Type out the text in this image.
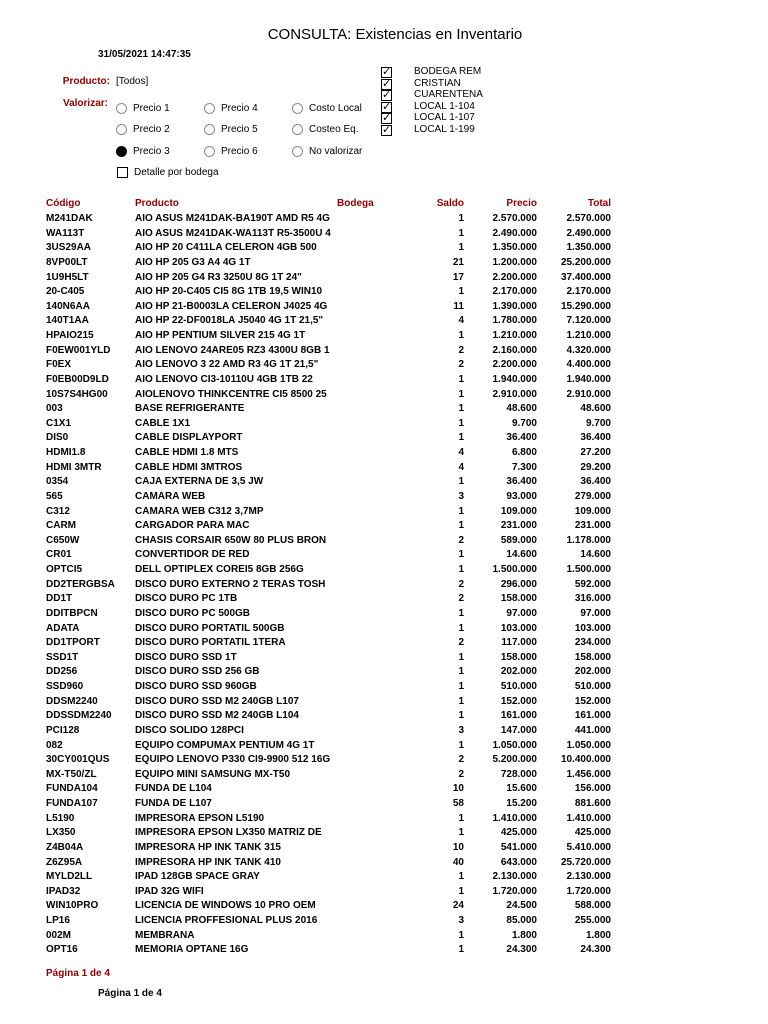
CONSULTA: Existencias en Inventario
31/05/2021 14:47:35
Producto: [Todos]
Valorizar:	Precio 1
Precio 2
Precio 3
Precio 4
Precio 5
Precio 6
Costo Local
Costeo Eq.
No valorizar
Detalle por bodega
✓ BODEGA REM
✓ CRISTIAN
✓ CUARENTENA
✓ LOCAL 1-104
✓ LOCAL 1-107
✓ LOCAL 1-199
Código	Producto	Bodega	Saldo	Precio	Total
M241DAK	AIO ASUS M241DAK-BA190T AMD R5 4G	1	2.570.000	2.570.000
WA113T	AIO ASUS M241DAK-WA113T R5-3500U 4	1	2.490.000	2.490.000
3US29AA	AIO HP 20 C411LA CELERON 4GB 500	1	1.350.000	1.350.000
8VP00LT	AIO HP 205 G3 A4 4G 1T	21	1.200.000	25.200.000
1U9H5LT	AIO HP 205 G4 R3 3250U 8G 1T 24"	17	2.200.000	37.400.000
20-C405	AIO HP 20-C405 CI5 8G 1TB 19,5 WIN10	1	2.170.000	2.170.000
140N6AA	AIO HP 21-B0003LA CELERON J4025 4G	11	1.390.000	15.290.000
140T1AA	AIO HP 22-DF0018LA J5040 4G 1T 21,5"	4	1.780.000	7.120.000
HPAIO215	AIO HP PENTIUM SILVER 215 4G 1T	1	1.210.000	1.210.000
F0EW001YLD	AIO LENOVO 24ARE05 RZ3 4300U 8GB 1	2	2.160.000	4.320.000
F0EX	AIO LENOVO 3 22 AMD R3 4G 1T 21,5"	2	2.200.000	4.400.000
F0EB00D9LD	AIO LENOVO CI3-10110U 4GB 1TB 22	1	1.940.000	1.940.000
10S7S4HG00	AIOLENOVO THINKCENTRE CI5 8500 25	1	2.910.000	2.910.000
003	BASE REFRIGERANTE	1	48.600	48.600
C1X1	CABLE 1X1	1	9.700	9.700
DIS0	CABLE DISPLAYPORT	1	36.400	36.400
HDMI1.8	CABLE HDMI 1.8 MTS	4	6.800	27.200
HDMI 3MTR	CABLE HDMI 3MTROS	4	7.300	29.200
0354	CAJA EXTERNA DE 3,5 JW	1	36.400	36.400
565	CAMARA WEB	3	93.000	279.000
C312	CAMARA WEB C312 3,7MP	1	109.000	109.000
CARM	CARGADOR PARA MAC	1	231.000	231.000
C650W	CHASIS CORSAIR 650W 80 PLUS BRON	2	589.000	1.178.000
CR01	CONVERTIDOR DE RED	1	14.600	14.600
OPTCI5	DELL OPTIPLEX COREI5 8GB 256G	1	1.500.000	1.500.000
DD2TERGBSA	DISCO DURO EXTERNO 2 TERAS TOSH	2	296.000	592.000
DD1T	DISCO DURO PC 1TB	2	158.000	316.000
DDITBPCN	DISCO DURO PC 500GB	1	97.000	97.000
ADATA	DISCO DURO PORTATIL 500GB	1	103.000	103.000
DD1TPORT	DISCO DURO PORTATIL 1TERA	2	117.000	234.000
SSD1T	DISCO DURO SSD 1T	1	158.000	158.000
DD256	DISCO DURO SSD 256 GB	1	202.000	202.000
SSD960	DISCO DURO SSD 960GB	1	510.000	510.000
DDSM2240	DISCO DURO SSD M2 240GB L107	1	152.000	152.000
DDSSDM2240	DISCO DURO SSD M2 240GB L104	1	161.000	161.000
PCI128	DISCO SOLIDO 128PCI	3	147.000	441.000
082	EQUIPO COMPUMAX PENTIUM 4G 1T	1	1.050.000	1.050.000
30CY001QUS	EQUIPO LENOVO P330 CI9-9900 512 16G	2	5.200.000	10.400.000
MX-T50/ZL	EQUIPO MINI SAMSUNG MX-T50	2	728.000	1.456.000
FUNDA104	FUNDA DE L104	10	15.600	156.000
FUNDA107	FUNDA DE L107	58	15.200	881.600
L5190	IMPRESORA EPSON L5190	1	1.410.000	1.410.000
LX350	IMPRESORA EPSON LX350 MATRIZ DE	1	425.000	425.000
Z4B04A	IMPRESORA HP INK TANK 315	10	541.000	5.410.000
Z6Z95A	IMPRESORA HP INK TANK 410	40	643.000	25.720.000
MYLD2LL	IPAD 128GB SPACE GRAY	1	2.130.000	2.130.000
IPAD32	IPAD 32G WIFI	1	1.720.000	1.720.000
WIN10PRO	LICENCIA DE WINDOWS 10 PRO OEM	24	24.500	588.000
LP16	LICENCIA PROFFESIONAL PLUS 2016	3	85.000	255.000
002M	MEMBRANA	1	1.800	1.800
OPT16	MEMORIA OPTANE 16G	1	24.300	24.300
Página 1 de 4
Página 1 de 4
